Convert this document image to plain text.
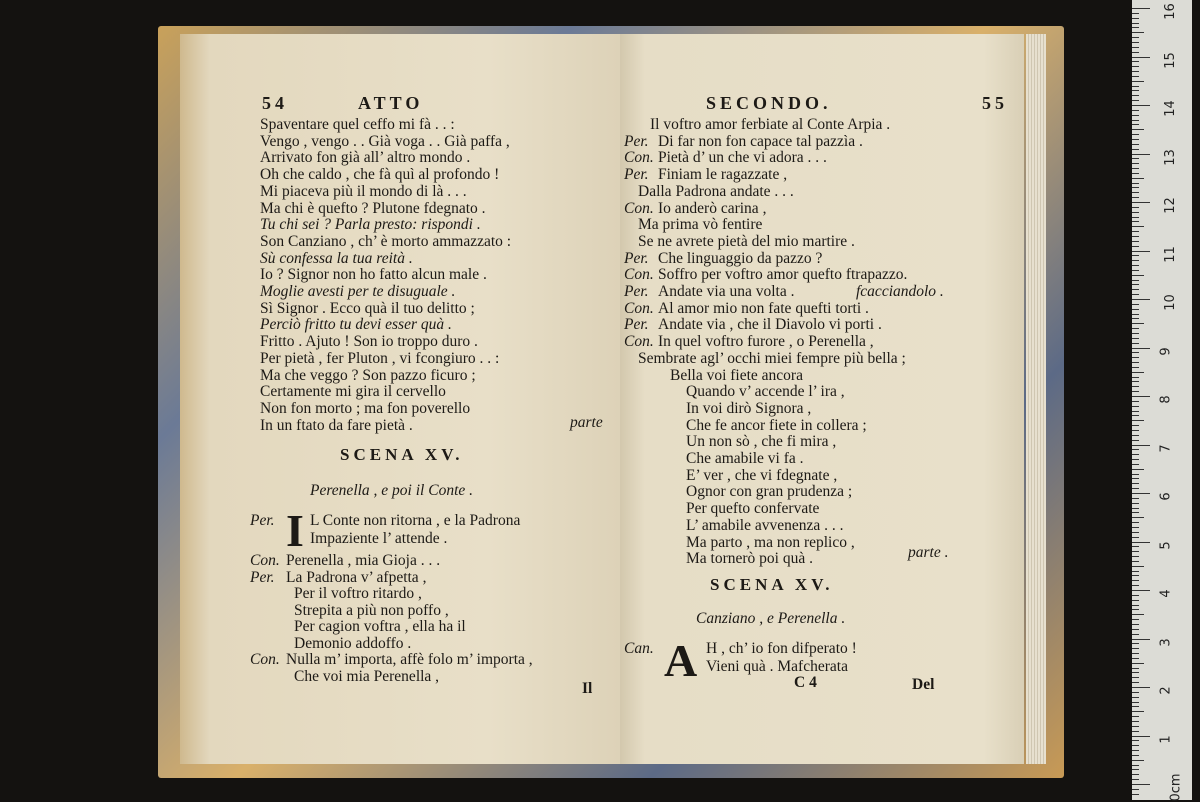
54	ATTO
parte
SCENA XV.
Perenella , e poi il Conte .
Per. I L Conte non ritorna , e la Padrona
Impaziente l’ attende .
Il
Spaventare quel ceffo mi fà . . :
Vengo , vengo . . Già voga . . Già paffa ,
Arrivato fon già all’ altro mondo .
Oh che caldo , che fà quì al profondo !
Mi piaceva più il mondo di là . . .
Ma chi è quefto ? Plutone fdegnato .
Tu chi sei ? Parla presto: rispondi .
Son Canziano , ch’ è morto ammazzato :
Sù confessa la tua reità .
Io ? Signor non ho fatto alcun male .
Moglie avesti per te disuguale .
Sì Signor . Ecco quà il tuo delitto ;
Perciò fritto tu devi esser quà .
Fritto . Ajuto ! Son io troppo duro .
Per pietà , fer Pluton , vi fcongiuro . . :
Ma che veggo ? Son pazzo ficuro ;
Certamente mi gira il cervello
Non fon morto ; ma fon poverello
In un ftato da fare pietà .
Con. Perenella , mia Gioja . . .
Per. La Padrona v’ afpetta ,
Per il voftro ritardo ,
Strepita a più non poffo ,
Per cagion voftra , ella ha il
Demonio addoffo .
Con. Nulla m’ importa, affè folo m’ importa ,
Che voi mia Perenella ,
SECONDO.	55
fcacciandolo .
parte .
SCENA XV.
Canziano , e Perenella .
Can. A H , ch’ io fon difperato !
Vieni quà . Mafcherata
C 4	Del
Il voftro amor ferbiate al Conte Arpia .
Per. Di far non fon capace tal pazzìa .
Con. Pietà d’ un che vi adora . . .
Per. Finiam le ragazzate ,
Dalla Padrona andate . . .
Con. Io anderò carina ,
Ma prima vò fentire
Se ne avrete pietà del mio martire .
Per. Che linguaggio da pazzo ?
Con. Soffro per voftro amor quefto ftrapazzo.
Per. Andate via una volta .
Con. Al amor mio non fate quefti torti .
Per. Andate via , che il Diavolo vi porti .
Con. In quel voftro furore , o Perenella ,
Sembrate agl’ occhi miei fempre più bella ;
Bella voi fiete ancora
Quando v’ accende l’ ira ,
In voi dirò Signora ,
Che fe ancor fiete in collera ;
Un non sò , che fi mira ,
Che amabile vi fa .
E’ ver , che vi fdegnate ,
Ognor con gran prudenza ;
Per quefto confervate
L’ amabile avvenenza . . .
Ma parto , ma non replico ,
Ma tornerò poi quà .
16
15
14
13
12
11
10
9
8
7
6
5
4
3
2
1
0cm
